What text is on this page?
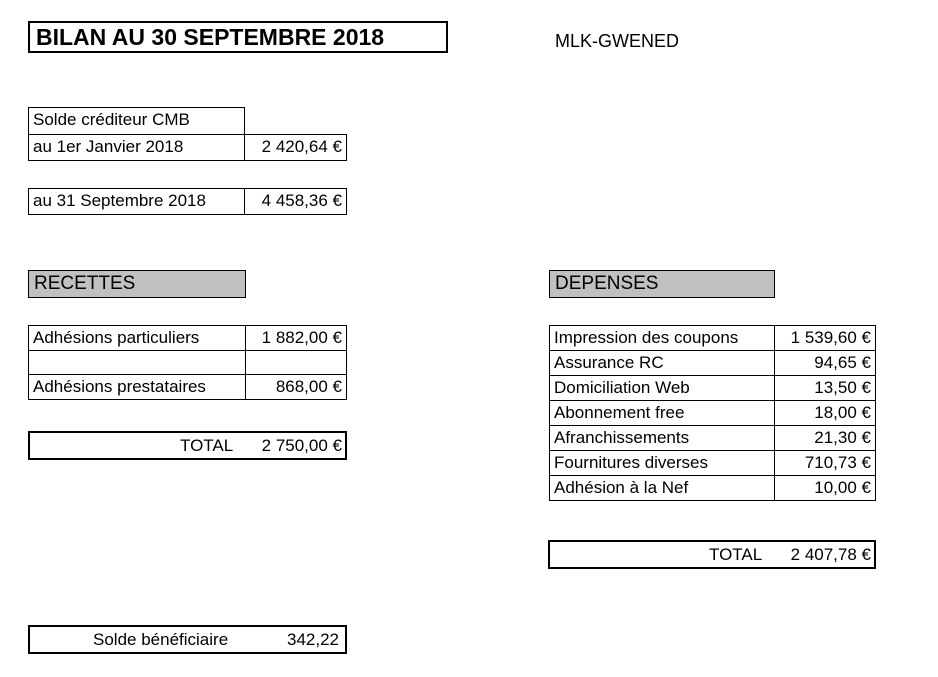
BILAN AU 30 SEPTEMBRE 2018	MLK-GWENED
Solde créditeur CMB
au 1er Janvier 2018	2 420,64 €
au 31 Septembre 2018	4 458,36 €
RECETTES
Adhésions particuliers	1 882,00 €

Adhésions prestataires	868,00 €
TOTAL 2 750,00 €
DEPENSES
Impression des coupons	1 539,60 €
Assurance RC	94,65 €
Domiciliation Web	13,50 €
Abonnement free	18,00 €
Afranchissements	21,30 €
Fournitures diverses	710,73 €
Adhésion à la Nef	10,00 €
TOTAL 2 407,78 €
Solde bénéficiaire	342,22
